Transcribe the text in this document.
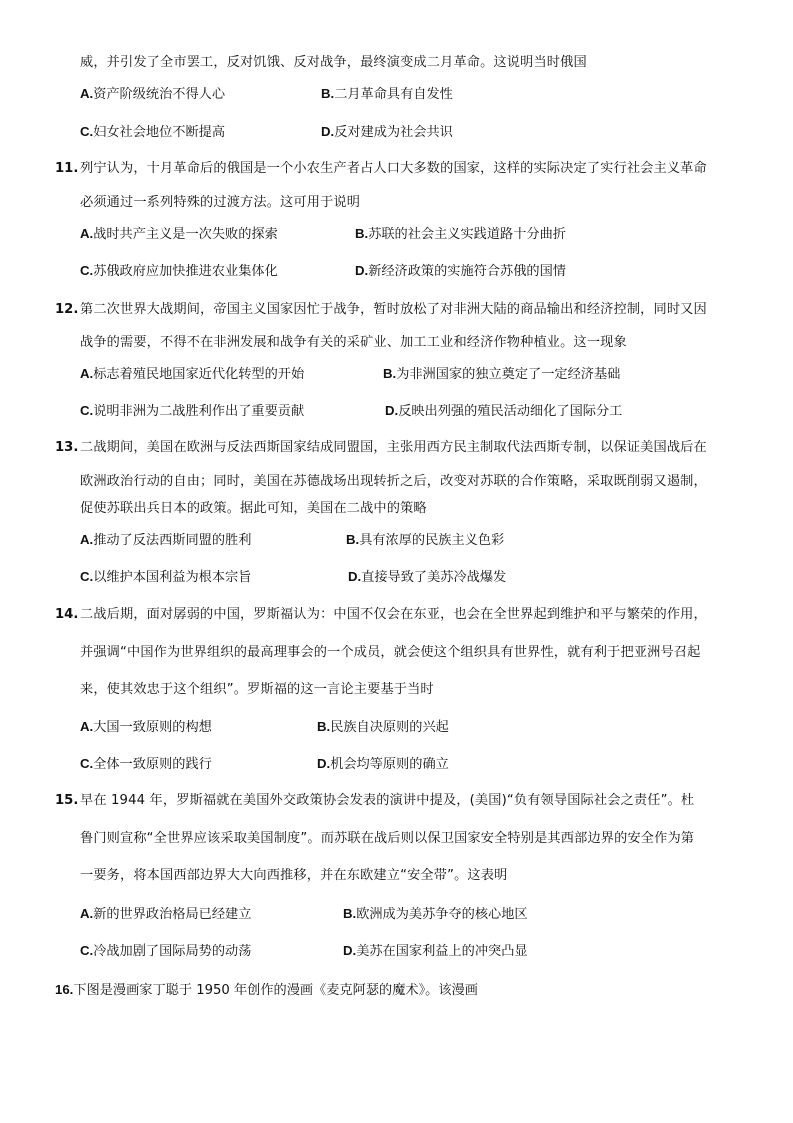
威，并引发了全市罢工，反对饥饿、反对战争，最终演变成二月革命。这说明当时俄国
A.资产阶级统治不得人心	B.二月革命具有自发性
C.妇女社会地位不断提高	D.反对建成为社会共识
11. 列宁认为，十月革命后的俄国是一个小农生产者占人口大多数的国家，这样的实际决定了实行社会主义革命
必须通过一系列特殊的过渡方法。这可用于说明
A.战时共产主义是一次失败的探索	B.苏联的社会主义实践道路十分曲折
C.苏俄政府应加快推进农业集体化	D.新经济政策的实施符合苏俄的国情
12. 第二次世界大战期间，帝国主义国家因忙于战争，暂时放松了对非洲大陆的商品输出和经济控制，同时又因
战争的需要，不得不在非洲发展和战争有关的采矿业、加工工业和经济作物种植业。这一现象
A.标志着殖民地国家近代化转型的开始	B.为非洲国家的独立奠定了一定经济基础
C.说明非洲为二战胜利作出了重要贡献	D.反映出列强的殖民活动细化了国际分工
13. 二战期间，美国在欧洲与反法西斯国家结成同盟国，主张用西方民主制取代法西斯专制，以保证美国战后在
欧洲政治行动的自由；同时，美国在苏德战场出现转折之后，改变对苏联的合作策略，采取既削弱又遏制，
促使苏联出兵日本的政策。据此可知，美国在二战中的策略
A.推动了反法西斯同盟的胜利	B.具有浓厚的民族主义色彩
C.以维护本国利益为根本宗旨	D.直接导致了美苏冷战爆发
14. 二战后期，面对孱弱的中国，罗斯福认为：中国不仅会在东亚，也会在全世界起到维护和平与繁荣的作用，
并强调“中国作为世界组织的最高理事会的一个成员，就会使这个组织具有世界性，就有利于把亚洲号召起
来，使其效忠于这个组织”。罗斯福的这一言论主要基于当时
A.大国一致原则的构想	B.民族自决原则的兴起
C.全体一致原则的践行	D.机会均等原则的确立
15. 早在 1944 年，罗斯福就在美国外交政策协会发表的演讲中提及，(美国)“负有领导国际社会之责任”。杜
鲁门则宣称“全世界应该采取美国制度”。而苏联在战后则以保卫国家安全特别是其西部边界的安全作为第
一要务，将本国西部边界大大向西推移，并在东欧建立“安全带”。这表明
A.新的世界政治格局已经建立	B.欧洲成为美苏争夺的核心地区
C.冷战加剧了国际局势的动荡	D.美苏在国家利益上的冲突凸显
16.下图是漫画家丁聪于 1950 年创作的漫画《麦克阿瑟的魔术》。该漫画
